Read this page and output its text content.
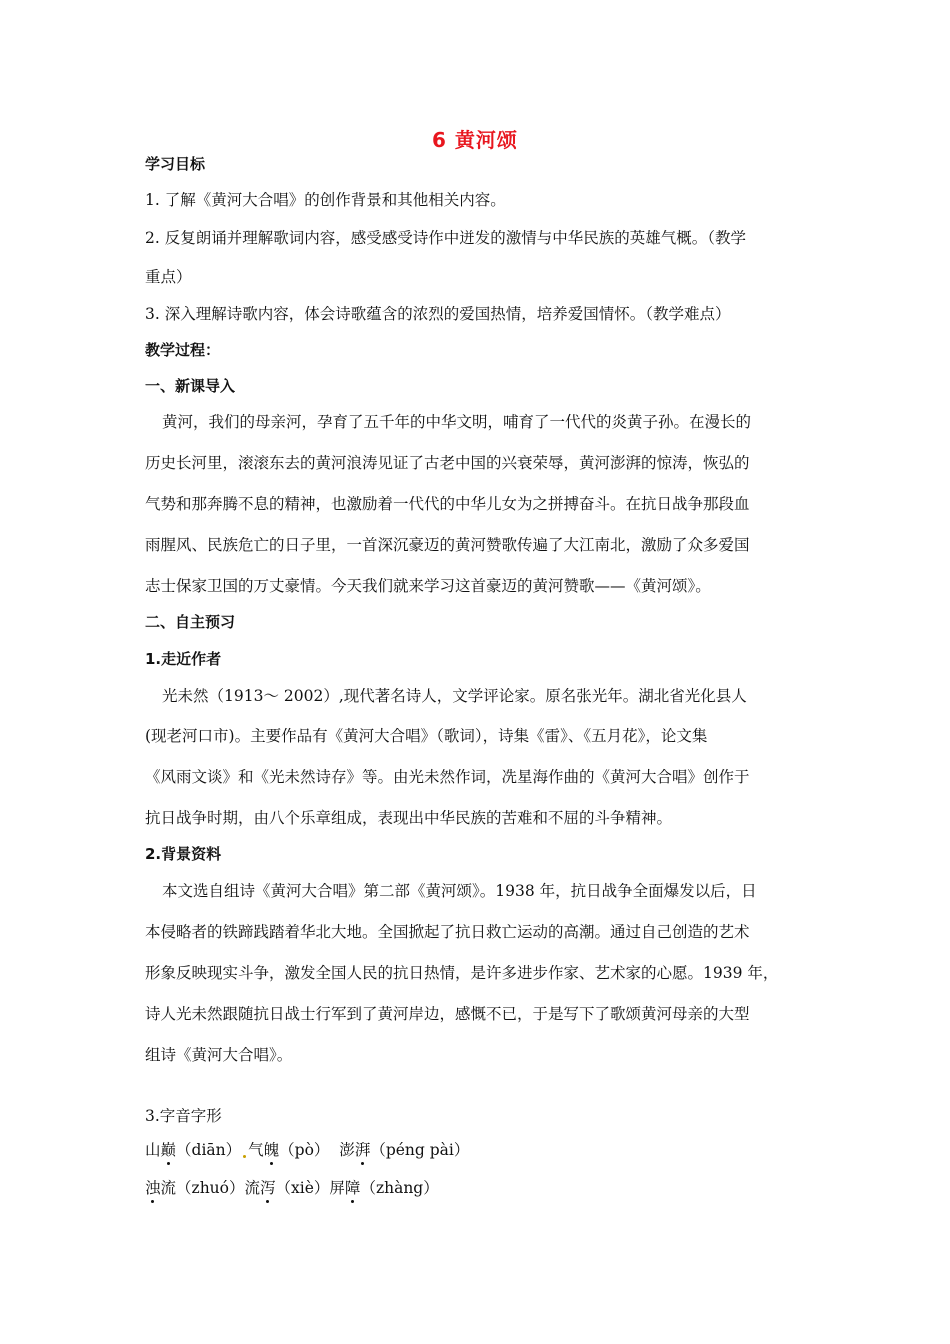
6 黄河颂
学习目标
1. 了解《黄河大合唱》的创作背景和其他相关内容。
2. 反复朗诵并理解歌词内容，感受感受诗作中迸发的激情与中华民族的英雄气概。（教学
重点）
3. 深入理解诗歌内容，体会诗歌蕴含的浓烈的爱国热情，培养爱国情怀。（教学难点）
教学过程：
一、新课导入
黄河，我们的母亲河，孕育了五千年的中华文明，哺育了一代代的炎黄子孙。在漫长的
历史长河里，滚滚东去的黄河浪涛见证了古老中国的兴衰荣辱，黄河澎湃的惊涛，恢弘的
气势和那奔腾不息的精神，也激励着一代代的中华儿女为之拼搏奋斗。在抗日战争那段血
雨腥风、民族危亡的日子里，一首深沉豪迈的黄河赞歌传遍了大江南北，激励了众多爱国
志士保家卫国的万丈豪情。今天我们就来学习这首豪迈的黄河赞歌——《黄河颂》。
二、自主预习
1.走近作者
光未然（1913～ 2002）,现代著名诗人，文学评论家。原名张光年。湖北省光化县人
(现老河口市)。主要作品有《黄河大合唱》（歌词），诗集《雷》、《五月花》，论文集
《风雨文谈》和《光未然诗存》等。由光未然作词，冼星海作曲的《黄河大合唱》创作于
抗日战争时期，由八个乐章组成，表现出中华民族的苦难和不屈的斗争精神。
2.背景资料
本文选自组诗《黄河大合唱》第二部《黄河颂》。1938 年，抗日战争全面爆发以后，日
本侵略者的铁蹄践踏着华北大地。全国掀起了抗日救亡运动的高潮。通过自己创造的艺术
形象反映现实斗争，激发全国人民的抗日热情，是许多进步作家、艺术家的心愿。1939 年，
诗人光未然跟随抗日战士行军到了黄河岸边，感慨不已，于是写下了歌颂黄河母亲的大型
组诗《黄河大合唱》。
3.字音字形
山巅（diān） 气魄（pò） 澎湃（péng pài）
浊流（zhuó）流泻（xiè）屏障（zhàng）
